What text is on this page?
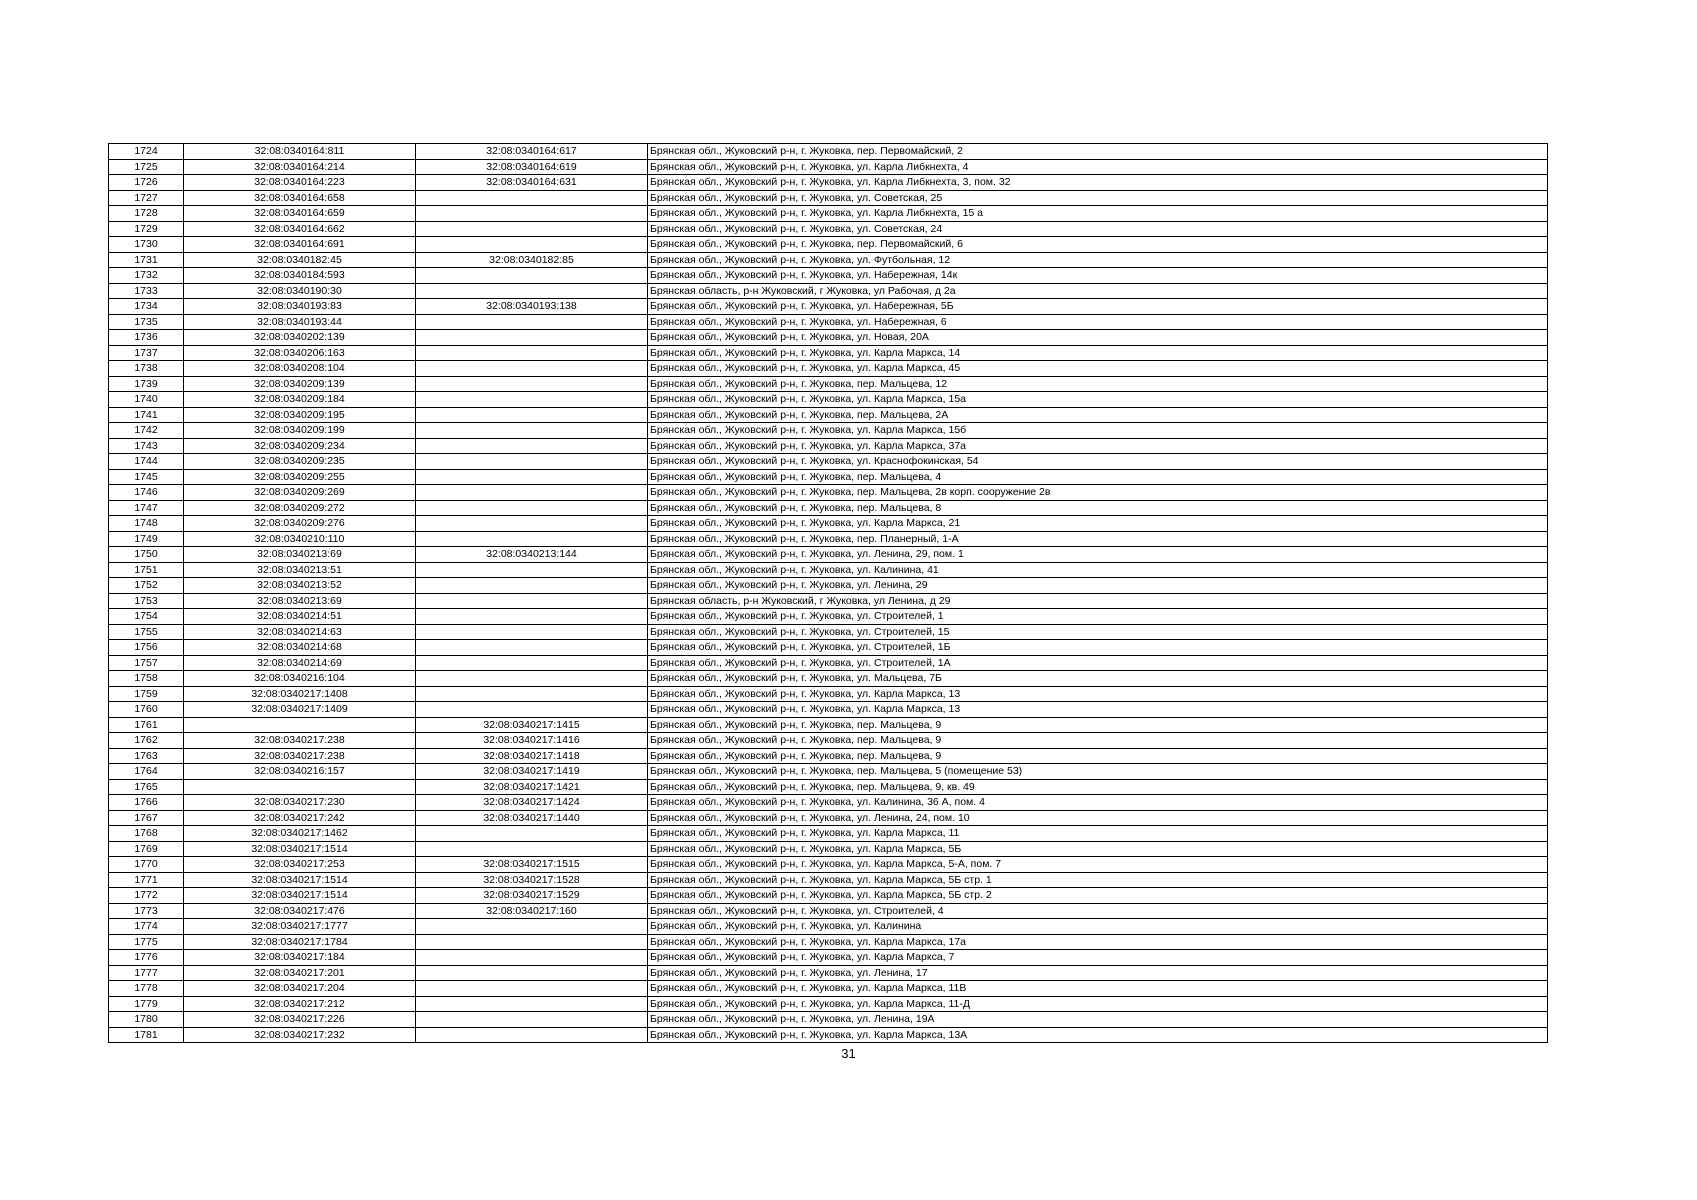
1724	32:08:0340164:811	32:08:0340164:617	Брянская обл., Жуковский р-н, г. Жуковка, пер. Первомайский, 2
1725	32:08:0340164:214	32:08:0340164:619	Брянская обл., Жуковский р-н, г. Жуковка, ул. Карла Либкнехта, 4
1726	32:08:0340164:223	32:08:0340164:631	Брянская обл., Жуковский р-н, г. Жуковка, ул. Карла Либкнехта, 3, пом. 32
1727	32:08:0340164:658		Брянская обл., Жуковский р-н, г. Жуковка, ул. Советская, 25
1728	32:08:0340164:659		Брянская обл., Жуковский р-н, г. Жуковка, ул. Карла Либкнехта, 15 а
1729	32:08:0340164:662		Брянская обл., Жуковский р-н, г. Жуковка, ул. Советская, 24
1730	32:08:0340164:691		Брянская обл., Жуковский р-н, г. Жуковка, пер. Первомайский, 6
1731	32:08:0340182:45	32:08:0340182:85	Брянская обл., Жуковский р-н, г. Жуковка, ул. Футбольная, 12
1732	32:08:0340184:593		Брянская обл., Жуковский р-н, г. Жуковка, ул. Набережная, 14к
1733	32:08:0340190:30		Брянская область, р-н Жуковский, г Жуковка, ул Рабочая, д 2а
1734	32:08:0340193:83	32:08:0340193:138	Брянская обл., Жуковский р-н, г. Жуковка, ул. Набережная, 5Б
1735	32:08:0340193:44		Брянская обл., Жуковский р-н, г. Жуковка, ул. Набережная, 6
1736	32:08:0340202:139		Брянская обл., Жуковский р-н, г. Жуковка, ул. Новая, 20А
1737	32:08:0340206:163		Брянская обл., Жуковский р-н, г. Жуковка, ул. Карла Маркса, 14
1738	32:08:0340208:104		Брянская обл., Жуковский р-н, г. Жуковка, ул. Карла Маркса, 45
1739	32:08:0340209:139		Брянская обл., Жуковский р-н, г. Жуковка, пер. Мальцева, 12
1740	32:08:0340209:184		Брянская обл., Жуковский р-н, г. Жуковка, ул. Карла Маркса, 15а
1741	32:08:0340209:195		Брянская обл., Жуковский р-н, г. Жуковка, пер. Мальцева, 2А
1742	32:08:0340209:199		Брянская обл., Жуковский р-н, г. Жуковка, ул. Карла Маркса, 15б
1743	32:08:0340209:234		Брянская обл., Жуковский р-н, г. Жуковка, ул. Карла Маркса, 37а
1744	32:08:0340209:235		Брянская обл., Жуковский р-н, г. Жуковка, ул. Краснофокинская, 54
1745	32:08:0340209:255		Брянская обл., Жуковский р-н, г. Жуковка, пер. Мальцева, 4
1746	32:08:0340209:269		Брянская обл., Жуковский р-н, г. Жуковка, пер. Мальцева, 2в корп. сооружение 2в
1747	32:08:0340209:272		Брянская обл., Жуковский р-н, г. Жуковка, пер. Мальцева, 8
1748	32:08:0340209:276		Брянская обл., Жуковский р-н, г. Жуковка, ул. Карла Маркса, 21
1749	32:08:0340210:110		Брянская обл., Жуковский р-н, г. Жуковка, пер. Планерный, 1-А
1750	32:08:0340213:69	32:08:0340213:144	Брянская обл., Жуковский р-н, г. Жуковка, ул. Ленина, 29, пом. 1
1751	32:08:0340213:51		Брянская обл., Жуковский р-н, г. Жуковка, ул. Калинина, 41
1752	32:08:0340213:52		Брянская обл., Жуковский р-н, г. Жуковка, ул. Ленина, 29
1753	32:08:0340213:69		Брянская область, р-н Жуковский, г Жуковка, ул Ленина, д 29
1754	32:08:0340214:51		Брянская обл., Жуковский р-н, г. Жуковка, ул. Строителей, 1
1755	32:08:0340214:63		Брянская обл., Жуковский р-н, г. Жуковка, ул. Строителей, 15
1756	32:08:0340214:68		Брянская обл., Жуковский р-н, г. Жуковка, ул. Строителей, 1Б
1757	32:08:0340214:69		Брянская обл., Жуковский р-н, г. Жуковка, ул. Строителей, 1А
1758	32:08:0340216:104		Брянская обл., Жуковский р-н, г. Жуковка, ул. Мальцева, 7Б
1759	32:08:0340217:1408		Брянская обл., Жуковский р-н, г. Жуковка, ул. Карла Маркса, 13
1760	32:08:0340217:1409		Брянская обл., Жуковский р-н, г. Жуковка, ул. Карла Маркса, 13
1761		32:08:0340217:1415	Брянская обл., Жуковский р-н, г. Жуковка, пер. Мальцева, 9
1762	32:08:0340217:238	32:08:0340217:1416	Брянская обл., Жуковский р-н, г. Жуковка, пер. Мальцева, 9
1763	32:08:0340217:238	32:08:0340217:1418	Брянская обл., Жуковский р-н, г. Жуковка, пер. Мальцева, 9
1764	32:08:0340216:157	32:08:0340217:1419	Брянская обл., Жуковский р-н, г. Жуковка, пер. Мальцева, 5 (помещение 53)
1765		32:08:0340217:1421	Брянская обл., Жуковский р-н, г. Жуковка, пер. Мальцева, 9, кв. 49
1766	32:08:0340217:230	32:08:0340217:1424	Брянская обл., Жуковский р-н, г. Жуковка, ул. Калинина, 36 А, пом. 4
1767	32:08:0340217:242	32:08:0340217:1440	Брянская обл., Жуковский р-н, г. Жуковка, ул. Ленина, 24, пом. 10
1768	32:08:0340217:1462		Брянская обл., Жуковский р-н, г. Жуковка, ул. Карла Маркса, 11
1769	32:08:0340217:1514		Брянская обл., Жуковский р-н, г. Жуковка, ул. Карла Маркса, 5Б
1770	32:08:0340217:253	32:08:0340217:1515	Брянская обл., Жуковский р-н, г. Жуковка, ул. Карла Маркса, 5-А, пом. 7
1771	32:08:0340217:1514	32:08:0340217:1528	Брянская обл., Жуковский р-н, г. Жуковка, ул. Карла Маркса, 5Б стр. 1
1772	32:08:0340217:1514	32:08:0340217:1529	Брянская обл., Жуковский р-н, г. Жуковка, ул. Карла Маркса, 5Б стр. 2
1773	32:08:0340217:476	32:08:0340217:160	Брянская обл., Жуковский р-н, г. Жуковка, ул. Строителей, 4
1774	32:08:0340217:1777		Брянская обл., Жуковский р-н, г. Жуковка, ул. Калинина
1775	32:08:0340217:1784		Брянская обл., Жуковский р-н, г. Жуковка, ул. Карла Маркса, 17а
1776	32:08:0340217:184		Брянская обл., Жуковский р-н, г. Жуковка, ул. Карла Маркса, 7
1777	32:08:0340217:201		Брянская обл., Жуковский р-н, г. Жуковка, ул. Ленина, 17
1778	32:08:0340217:204		Брянская обл., Жуковский р-н, г. Жуковка, ул. Карла Маркса, 11В
1779	32:08:0340217:212		Брянская обл., Жуковский р-н, г. Жуковка, ул. Карла Маркса, 11-Д
1780	32:08:0340217:226		Брянская обл., Жуковский р-н, г. Жуковка, ул. Ленина, 19А
1781	32:08:0340217:232		Брянская обл., Жуковский р-н, г. Жуковка, ул. Карла Маркса, 13А
31
